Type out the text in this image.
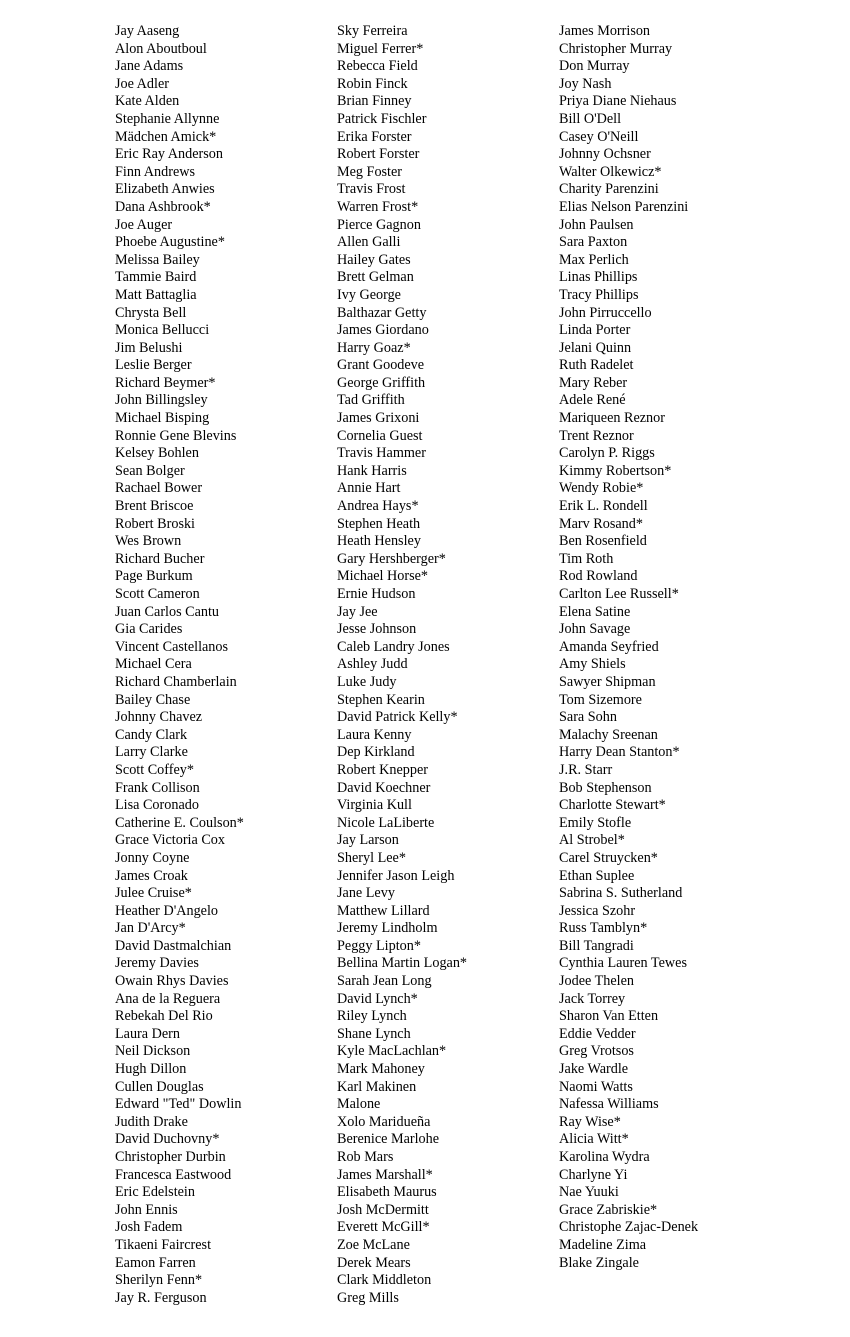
Jay Aaseng
Alon Aboutboul
Jane Adams
Joe Adler
Kate Alden
Stephanie Allynne
Mädchen Amick*
Eric Ray Anderson
Finn Andrews
Elizabeth Anwies
Dana Ashbrook*
Joe Auger
Phoebe Augustine*
Melissa Bailey
Tammie Baird
Matt Battaglia
Chrysta Bell
Monica Bellucci
Jim Belushi
Leslie Berger
Richard Beymer*
John Billingsley
Michael Bisping
Ronnie Gene Blevins
Kelsey Bohlen
Sean Bolger
Rachael Bower
Brent Briscoe
Robert Broski
Wes Brown
Richard Bucher
Page Burkum
Scott Cameron
Juan Carlos Cantu
Gia Carides
Vincent Castellanos
Michael Cera
Richard Chamberlain
Bailey Chase
Johnny Chavez
Candy Clark
Larry Clarke
Scott Coffey*
Frank Collison
Lisa Coronado
Catherine E. Coulson*
Grace Victoria Cox
Jonny Coyne
James Croak
Julee Cruise*
Heather D'Angelo
Jan D'Arcy*
David Dastmalchian
Jeremy Davies
Owain Rhys Davies
Ana de la Reguera
Rebekah Del Rio
Laura Dern
Neil Dickson
Hugh Dillon
Cullen Douglas
Edward "Ted" Dowlin
Judith Drake
David Duchovny*
Christopher Durbin
Francesca Eastwood
Eric Edelstein
John Ennis
Josh Fadem
Tikaeni Faircrest
Eamon Farren
Sherilyn Fenn*
Jay R. Ferguson
Sky Ferreira
Miguel Ferrer*
Rebecca Field
Robin Finck
Brian Finney
Patrick Fischler
Erika Forster
Robert Forster
Meg Foster
Travis Frost
Warren Frost*
Pierce Gagnon
Allen Galli
Hailey Gates
Brett Gelman
Ivy George
Balthazar Getty
James Giordano
Harry Goaz*
Grant Goodeve
George Griffith
Tad Griffith
James Grixoni
Cornelia Guest
Travis Hammer
Hank Harris
Annie Hart
Andrea Hays*
Stephen Heath
Heath Hensley
Gary Hershberger*
Michael Horse*
Ernie Hudson
Jay Jee
Jesse Johnson
Caleb Landry Jones
Ashley Judd
Luke Judy
Stephen Kearin
David Patrick Kelly*
Laura Kenny
Dep Kirkland
Robert Knepper
David Koechner
Virginia Kull
Nicole LaLiberte
Jay Larson
Sheryl Lee*
Jennifer Jason Leigh
Jane Levy
Matthew Lillard
Jeremy Lindholm
Peggy Lipton*
Bellina Martin Logan*
Sarah Jean Long
David Lynch*
Riley Lynch
Shane Lynch
Kyle MacLachlan*
Mark Mahoney
Karl Makinen
Malone
Xolo Maridueña
Berenice Marlohe
Rob Mars
James Marshall*
Elisabeth Maurus
Josh McDermitt
Everett McGill*
Zoe McLane
Derek Mears
Clark Middleton
Greg Mills
James Morrison
Christopher Murray
Don Murray
Joy Nash
Priya Diane Niehaus
Bill O'Dell
Casey O'Neill
Johnny Ochsner
Walter Olkewicz*
Charity Parenzini
Elias Nelson Parenzini
John Paulsen
Sara Paxton
Max Perlich
Linas Phillips
Tracy Phillips
John Pirruccello
Linda Porter
Jelani Quinn
Ruth Radelet
Mary Reber
Adele René
Mariqueen Reznor
Trent Reznor
Carolyn P. Riggs
Kimmy Robertson*
Wendy Robie*
Erik L. Rondell
Marv Rosand*
Ben Rosenfield
Tim Roth
Rod Rowland
Carlton Lee Russell*
Elena Satine
John Savage
Amanda Seyfried
Amy Shiels
Sawyer Shipman
Tom Sizemore
Sara Sohn
Malachy Sreenan
Harry Dean Stanton*
J.R. Starr
Bob Stephenson
Charlotte Stewart*
Emily Stofle
Al Strobel*
Carel Struycken*
Ethan Suplee
Sabrina S. Sutherland
Jessica Szohr
Russ Tamblyn*
Bill Tangradi
Cynthia Lauren Tewes
Jodee Thelen
Jack Torrey
Sharon Van Etten
Eddie Vedder
Greg Vrotsos
Jake Wardle
Naomi Watts
Nafessa Williams
Ray Wise*
Alicia Witt*
Karolina Wydra
Charlyne Yi
Nae Yuuki
Grace Zabriskie*
Christophe Zajac-Denek
Madeline Zima
Blake Zingale
